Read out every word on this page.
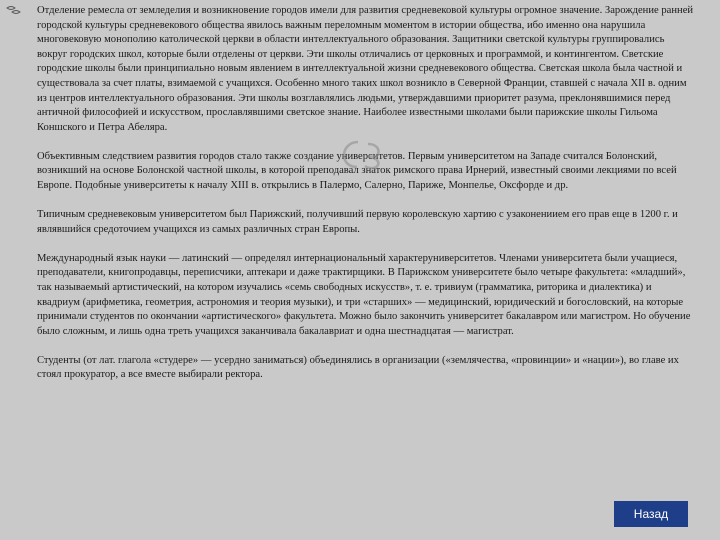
Отделение ремесла от земледелия и возникновение городов имели для развития средневековой культуры огромное значение. Зарождение ранней городской культуры средневекового общества явилось важным переломным моментом в истории общества, ибо именно она нарушила многовековую монополию католической церкви в области интеллектуального образования. Защитники светской культуры группировались вокруг городских школ, которые были отделены от церкви. Эти школы отличались от церковных и программой, и контингентом. Светские городские школы были принципиально новым явлением в интеллектуальной жизни средневекового общества. Светская школа была частной и существовала за счет платы, взимаемой с учащихся. Особенно много таких школ возникло в Северной Франции, ставшей с начала XII в. одним из центров интеллектуального образования. Эти школы возглавлялись людьми, утверждавшими приоритет разума, преклонявшимися перед античной философией и искусством, прославлявшими светское знание. Наиболее известными школами были парижские школы Гильома Коншского и Петра Абеляра.

Объективным следствием развития городов стало также создание университетов. Первым университетом на Западе считался Болонский, возникший на основе Болонской частной школы, в которой преподавал знаток римского права Ирнерий, известный своими лекциями по всей Европе. Подобные университеты к началу XIII в. открылись в Палермо, Салерно, Париже, Монпелье, Оксфорде и др.

Типичным средневековым университетом был Парижский, получивший первую королевскую хартию с узаконениием его прав еще в 1200 г. и являвшийся средоточием учащихся из самых различных стран Европы.

Международный язык науки — латинский — определял интернациональный характеруниверситетов. Членами университета были учащиеся, преподаватели, книгопродавцы, переписчики, аптекари и даже трактирщики. В Парижском университете было четыре факультета: «младший», так называемый артистический, на котором изучались «семь свободных искусств», т. е. тривиум (грамматика, риторика и диалектика) и квадриум (арифметика, геометрия, астрономия и теория музыки), и три «старших» — медицинский, юридический и богословский, на которые принимали студентов по окончании «артистического» факультета. Можно было закончить университет бакалавром или магистром. Но обучение было сложным, и лишь одна треть учащихся заканчивала бакалавриат и одна шестнадцатая — магистрат.

Студенты (от лат. глагола «студере» — усердно заниматься) объединялись в организации («землячества, «провинции» и «нации»), во главе их стоял прокуратор, а все вместе выбирали ректора.

Назад
